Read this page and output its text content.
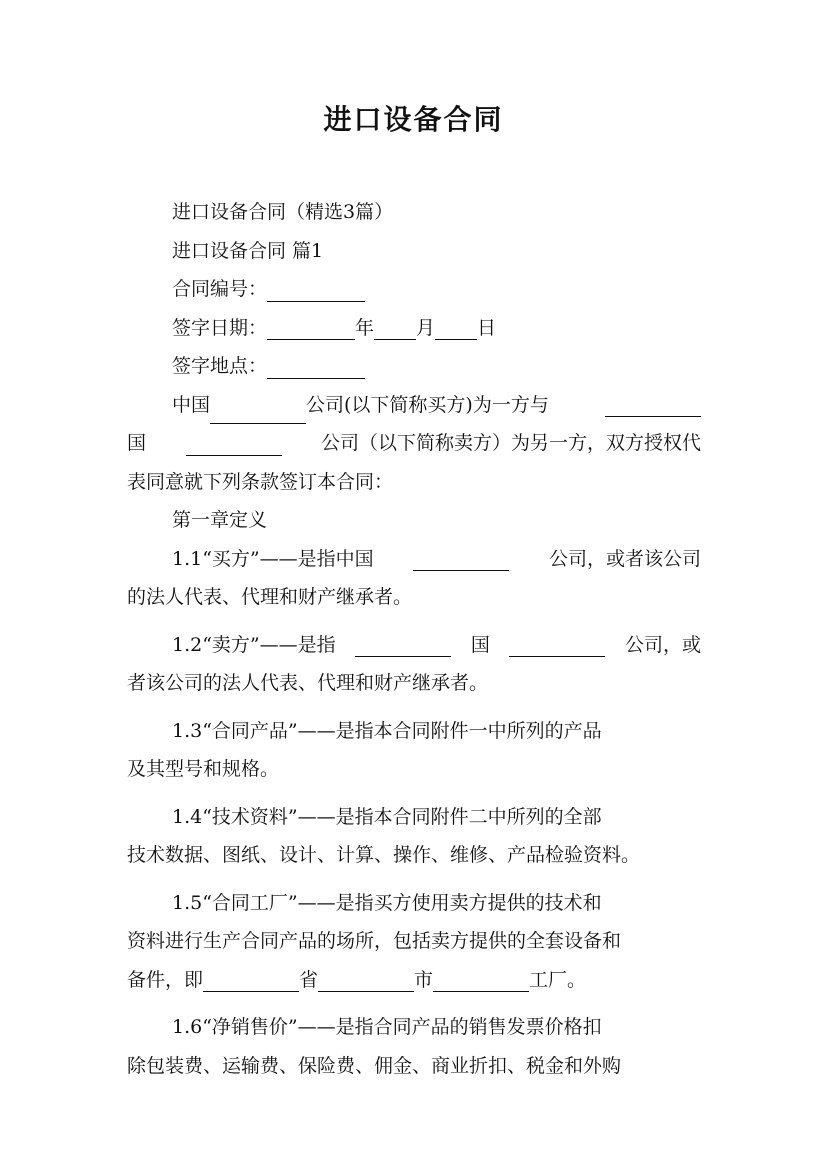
进口设备合同
进口设备合同（精选3篇）
进口设备合同 篇1
合同编号：
签字日期：	年 月 日
签字地点：
中国	公司(以下简称买方)为一方与
国	公司（以下简称卖方）为另一方，双方授权代
表同意就下列条款签订本合同：
第一章定义
1.1“买方”——是指中国	公司，或者该公司
的法人代表、代理和财产继承者。
1.2“卖方”——是指	国	公司，或
者该公司的法人代表、代理和财产继承者。
1.3“合同产品”——是指本合同附件一中所列的产品
及其型号和规格。
1.4“技术资料”——是指本合同附件二中所列的全部
技术数据、图纸、设计、计算、操作、维修、产品检验资料。
1.5“合同工厂”——是指买方使用卖方提供的技术和
资料进行生产合同产品的场所，包括卖方提供的全套设备和
备件，即	省	市	工厂。
1.6“净销售价”——是指合同产品的销售发票价格扣
除包装费、运输费、保险费、佣金、商业折扣、税金和外购
